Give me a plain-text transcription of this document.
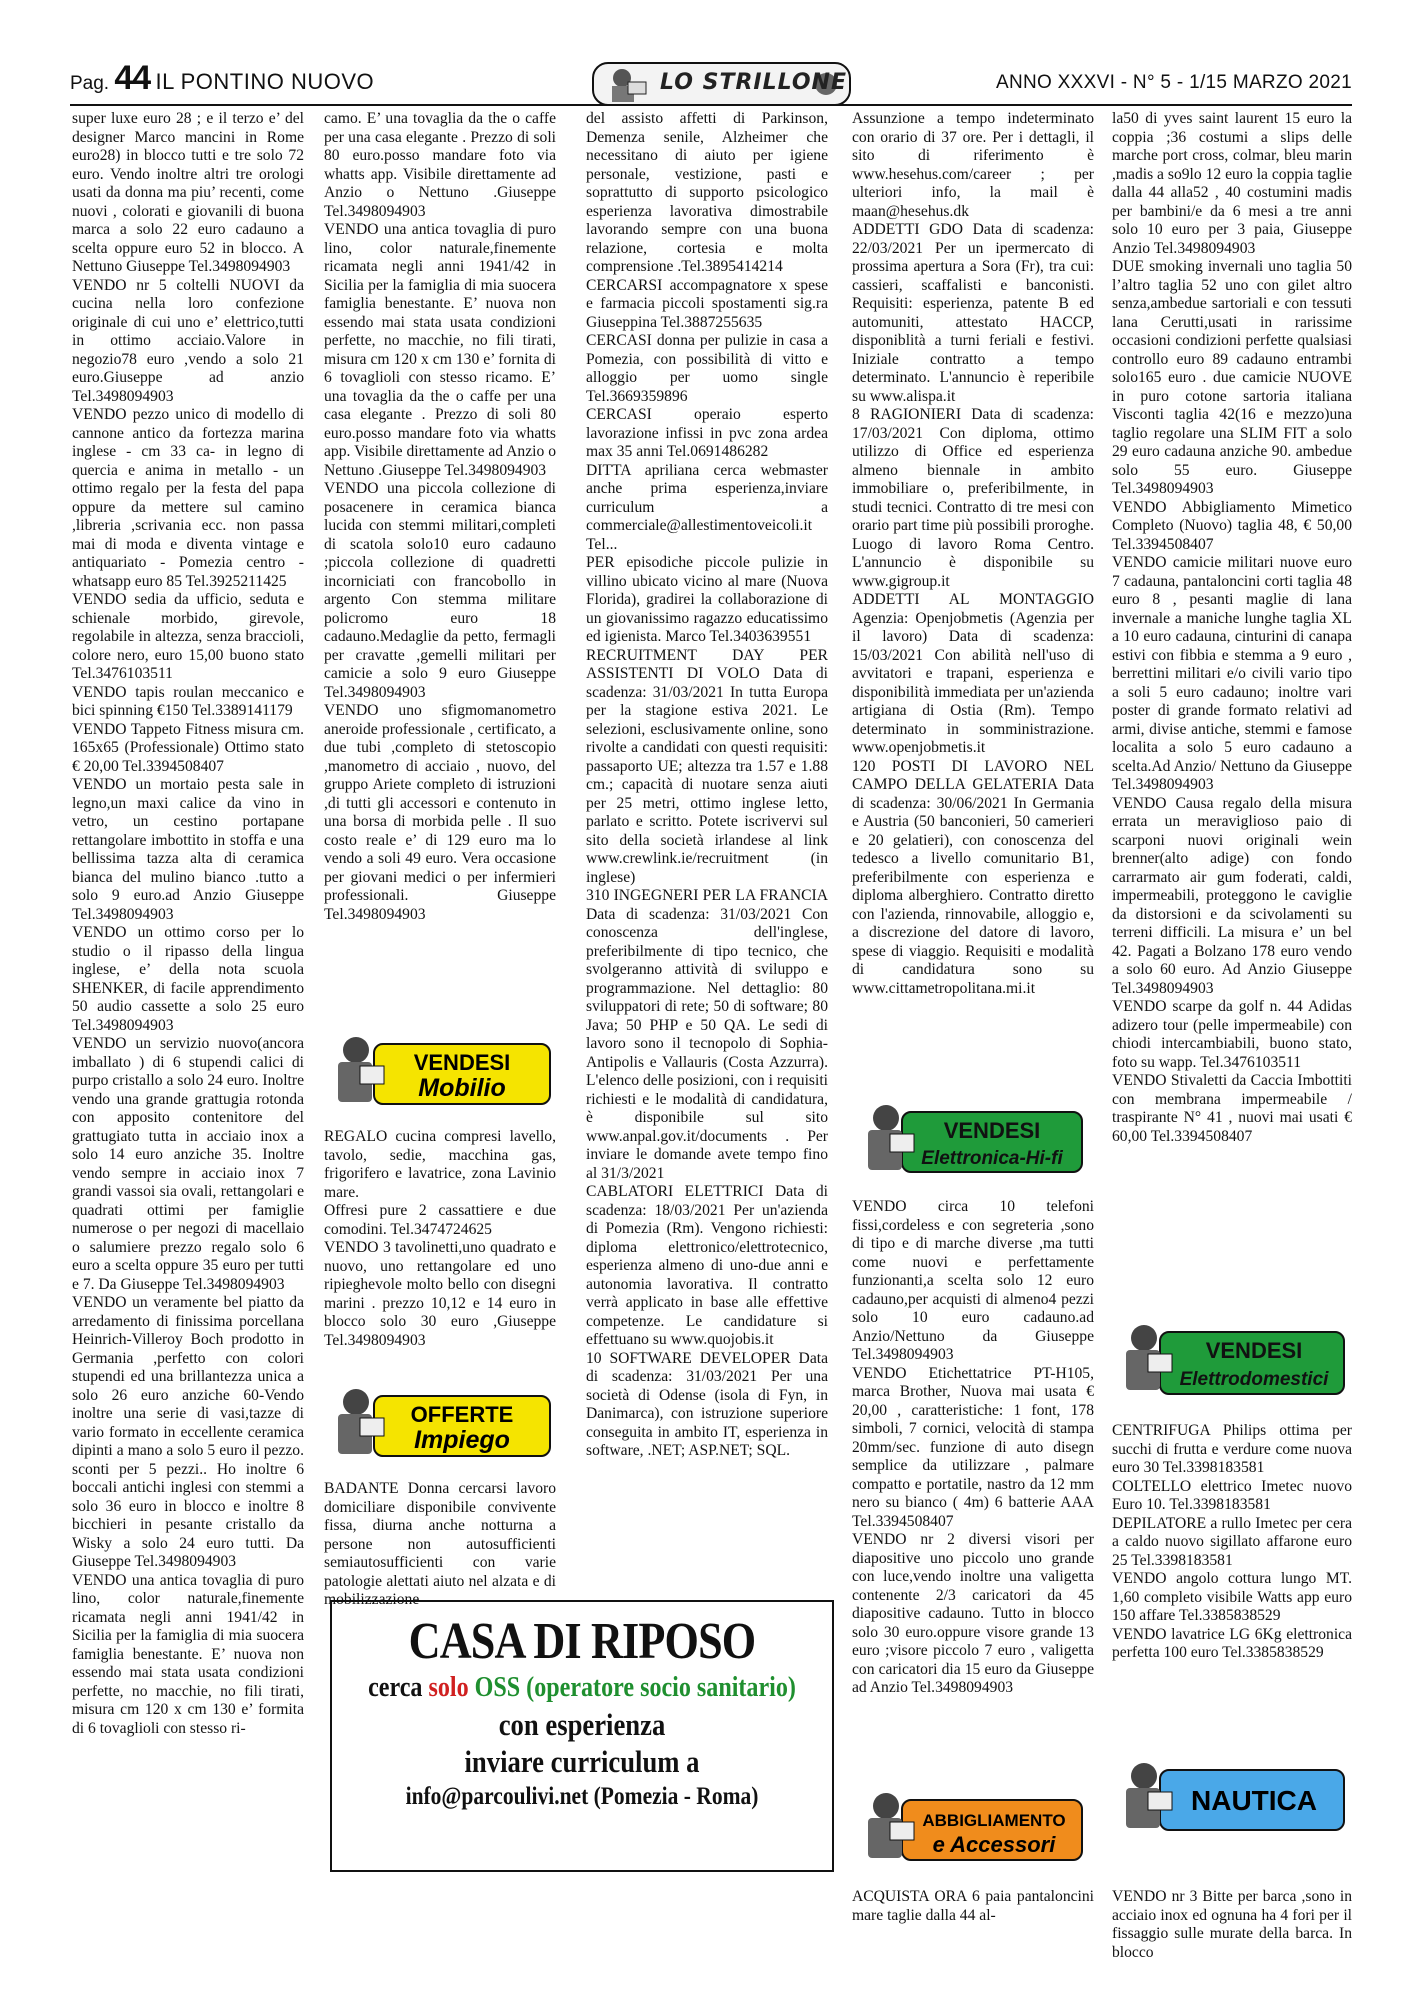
Pag. 44 IL PONTINO NUOVO	LO STRILLONE	ANNO XXXVI - N° 5 - 1/15 MARZO 2021

super luxe euro 28 ; e il terzo e’ del designer Marco mancini in Rome euro28) in blocco tutti e tre solo 72 euro. Vendo inoltre altri tre orologi usati da donna ma piu’ recenti, come nuovi , colorati e giovanili di buona marca a solo 22 euro cadauno a scelta oppure euro 52 in blocco. A Nettuno Giuseppe Tel.3498094903

VENDO nr 5 coltelli NUOVI da cucina nella loro confezione originale di cui uno e’ elettrico,tutti in ottimo acciaio.Valore in negozio78 euro ,vendo a solo 21 euro.Giuseppe ad anzio Tel.3498094903

VENDO pezzo unico di modello di cannone antico da fortezza marina inglese - cm 33 ca- in legno di quercia e anima in metallo - un ottimo regalo per la festa del papa oppure da mettere sul camino ,libreria ,scrivania ecc. non passa mai di moda e diventa vintage e antiquariato - Pomezia centro - whatsapp euro 85 Tel.3925211425

VENDO sedia da ufficio, seduta e schienale morbido, girevole, regolabile in altezza, senza braccioli, colore nero, euro 15,00 buono stato Tel.3476103511

VENDO tapis roulan meccanico e bici spinning €150 Tel.3389141179

VENDO Tappeto Fitness misura cm. 165x65 (Professionale) Ottimo stato € 20,00 Tel.3394508407

VENDO un mortaio pesta sale in legno,un maxi calice da vino in vetro, un cestino portapane rettangolare imbottito in stoffa e una bellissima tazza alta di ceramica bianca del mulino bianco .tutto a solo 9 euro.ad Anzio Giuseppe Tel.3498094903

VENDO un ottimo corso per lo studio o il ripasso della lingua inglese, e’ della nota scuola SHENKER, di facile apprendimento 50 audio cassette a solo 25 euro Tel.3498094903

VENDO un servizio nuovo(ancora imballato ) di 6 stupendi calici di purpo cristallo a solo 24 euro. Inoltre vendo una grande grattugia rotonda con apposito contenitore del grattugiato tutta in acciaio inox a solo 14 euro anziche 35. Inoltre vendo sempre in acciaio inox 7 grandi vassoi sia ovali, rettangolari e quadrati ottimi per famiglie numerose o per negozi di macellaio o salumiere prezzo regalo solo 6 euro a scelta oppure 35 euro per tutti e 7. Da Giuseppe Tel.3498094903

VENDO un veramente bel piatto da arredamento di finissima porcellana Heinrich-Villeroy Boch prodotto in Germania ,perfetto con colori stupendi ed una brillantezza unica a solo 26 euro anziche 60-Vendo inoltre una serie di vasi,tazze di vario formato in eccellente ceramica dipinti a mano a solo 5 euro il pezzo. sconti per 5 pezzi.. Ho inoltre 6 boccali antichi inglesi con stemmi a solo 36 euro in blocco e inoltre 8 bicchieri in pesante cristallo da Wisky a solo 24 euro tutti. Da Giuseppe Tel.3498094903

VENDO una antica tovaglia di puro lino, color naturale,finemente ricamata negli anni 1941/42 in Sicilia per la famiglia di mia suocera famiglia benestante. E’ nuova non essendo mai stata usata condizioni perfette, no macchie, no fili tirati, misura cm 120 x cm 130 e’ formita di 6 tovaglioli con stesso ri-

camo. E’ una tovaglia da the o caffe per una casa elegante . Prezzo di soli 80 euro.posso mandare foto via whatts app. Visibile direttamente ad Anzio o Nettuno .Giuseppe Tel.3498094903

VENDO una antica tovaglia di puro lino, color naturale,finemente ricamata negli anni 1941/42 in Sicilia per la famiglia di mia suocera famiglia benestante. E’ nuova non essendo mai stata usata condizioni perfette, no macchie, no fili tirati, misura cm 120 x cm 130 e’ fornita di 6 tovaglioli con stesso ricamo. E’ una tovaglia da the o caffe per una casa elegante . Prezzo di soli 80 euro.posso mandare foto via whatts app. Visibile direttamente ad Anzio o Nettuno .Giuseppe Tel.3498094903

VENDO una piccola collezione di posacenere in ceramica bianca lucida con stemmi militari,completi di scatola solo10 euro cadauno ;piccola collezione di quadretti incorniciati con francobollo in argento Con stemma militare policromo euro 18 cadauno.Medaglie da petto, fermagli per cravatte ,gemelli militari per camicie a solo 9 euro Giuseppe Tel.3498094903

VENDO uno sfigmomanometro aneroide professionale , certificato, a due tubi ,completo di stetoscopio ,manometro di acciaio , nuovo, del gruppo Ariete completo di istruzioni ,di tutti gli accessori e contenuto in una borsa di morbida pelle . Il suo costo reale e’ di 129 euro ma lo vendo a soli 49 euro. Vera occasione per giovani medici o per infermieri professionali. Giuseppe Tel.3498094903

REGALO cucina compresi lavello, tavolo, sedie, macchina gas, frigorifero e lavatrice, zona Lavinio mare.

Offresi pure 2 cassattiere e due comodini. Tel.3474724625

VENDO 3 tavolinetti,uno quadrato e nuovo, uno rettangolare ed uno ripieghevole molto bello con disegni marini . prezzo 10,12 e 14 euro in blocco solo 30 euro ,Giuseppe Tel.3498094903

BADANTE Donna cercarsi lavoro domiciliare disponibile convivente fissa, diurna anche notturna a persone non autosufficienti semiautosufficienti con varie patologie alettati aiuto nel alzata e di mobilizzazione

del assisto affetti di Parkinson, Demenza senile, Alzheimer che necessitano di aiuto per igiene personale, vestizione, pasti e soprattutto di supporto psicologico esperienza lavorativa dimostrabile lavorando sempre con una buona relazione, cortesia e molta comprensione .Tel.3895414214

CERCARSI accompagnatore x spese e farmacia piccoli spostamenti sig.ra Giuseppina Tel.3887255635

CERCASI donna per pulizie in casa a Pomezia, con possibilità di vitto e alloggio per uomo single Tel.3669359896

CERCASI operaio esperto lavorazione infissi in pvc zona ardea max 35 anni Tel.0691486282

DITTA apriliana cerca webmaster anche prima esperienza,inviare curriculum a commerciale@allestimentoveicoli.it Tel...

PER episodiche piccole pulizie in villino ubicato vicino al mare (Nuova Florida), gradirei la collaborazione di un giovanissimo ragazzo educatissimo ed igienista. Marco Tel.3403639551

RECRUITMENT DAY PER ASSISTENTI DI VOLO Data di scadenza: 31/03/2021 In tutta Europa per la stagione estiva 2021. Le selezioni, esclusivamente online, sono rivolte a candidati con questi requisiti: passaporto UE; altezza tra 1.57 e 1.88 cm.; capacità di nuotare senza aiuti per 25 metri, ottimo inglese letto, parlato e scritto. Potete iscrivervi sul sito della società irlandese al link www.crewlink.ie/recruitment (in inglese)

310 INGEGNERI PER LA FRANCIA Data di scadenza: 31/03/2021 Con conoscenza dell'inglese, preferibilmente di tipo tecnico, che svolgeranno attività di sviluppo e programmazione. Nel dettaglio: 80 sviluppatori di rete; 50 di software; 80 Java; 50 PHP e 50 QA. Le sedi di lavoro sono il tecnopolo di Sophia-Antipolis e Vallauris (Costa Azzurra). L'elenco delle posizioni, con i requisiti richiesti e le modalità di candidatura, è disponibile sul sito www.anpal.gov.it/documents . Per inviare le domande avete tempo fino al 31/3/2021

CABLATORI ELETTRICI Data di scadenza: 18/03/2021 Per un'azienda di Pomezia (Rm). Vengono richiesti: diploma elettronico/elettrotecnico, esperienza almeno di uno-due anni e autonomia lavorativa. Il contratto verrà applicato in base alle effettive competenze. Le candidature si effettuano su www.quojobis.it

10 SOFTWARE DEVELOPER Data di scadenza: 31/03/2021 Per una società di Odense (isola di Fyn, in Danimarca), con istruzione superiore conseguita in ambito IT, esperienza in software, .NET; ASP.NET; SQL.

Assunzione a tempo indeterminato con orario di 37 ore. Per i dettagli, il sito di riferimento è www.hesehus.com/career ; per ulteriori info, la mail è maan@hesehus.dk

ADDETTI GDO Data di scadenza: 22/03/2021 Per un ipermercato di prossima apertura a Sora (Fr), tra cui: cassieri, scaffalisti e banconisti. Requisiti: esperienza, patente B ed automuniti, attestato HACCP, disponiblità a turni feriali e festivi. Iniziale contratto a tempo determinato. L'annuncio è reperibile su www.alispa.it

8 RAGIONIERI Data di scadenza: 17/03/2021 Con diploma, ottimo utilizzo di Office ed esperienza almeno biennale in ambito immobiliare o, preferibilmente, in studi tecnici. Contratto di tre mesi con orario part time più possibili proroghe. Luogo di lavoro Roma Centro. L'annuncio è disponibile su www.gigroup.it

ADDETTI AL MONTAGGIO Agenzia: Openjobmetis (Agenzia per il lavoro) Data di scadenza: 15/03/2021 Con abilità nell'uso di avvitatori e trapani, esperienza e disponibilità immediata per un'azienda artigiana di Ostia (Rm). Tempo determinato in somministrazione. www.openjobmetis.it

120 POSTI DI LAVORO NEL CAMPO DELLA GELATERIA Data di scadenza: 30/06/2021 In Germania e Austria (50 banconieri, 50 camerieri e 20 gelatieri), con conoscenza del tedesco a livello comunitario B1, preferibilmente con esperienza e diploma alberghiero. Contratto diretto con l'azienda, rinnovabile, alloggio e, a discrezione del datore di lavoro, spese di viaggio. Requisiti e modalità di candidatura sono su www.cittametropolitana.mi.it

VENDO circa 10 telefoni fissi,cordeless e con segreteria ,sono di tipo e di marche diverse ,ma tutti come nuovi e perfettamente funzionanti,a scelta solo 12 euro cadauno,per acquisti di almeno4 pezzi solo 10 euro cadauno.ad Anzio/Nettuno da Giuseppe Tel.3498094903

VENDO Etichettatrice PT-H105, marca Brother, Nuova mai usata € 20,00 , caratteristiche: 1 font, 178 simboli, 7 cornici, velocità di stampa 20mm/sec. funzione di auto disegn semplice da utilizzare , palmare compatto e portatile, nastro da 12 mm nero su bianco ( 4m) 6 batterie AAA Tel.3394508407

VENDO nr 2 diversi visori per diapositive uno piccolo uno grande con luce,vendo inoltre una valigetta contenente 2/3 caricatori da 45 diapositive cadauno. Tutto in blocco solo 30 euro.oppure visore grande 13 euro ;visore piccolo 7 euro , valigetta con caricatori dia 15 euro da Giuseppe ad Anzio Tel.3498094903

ACQUISTA ORA 6 paia pantaloncini mare taglie dalla 44 al-

la50 di yves saint laurent 15 euro la coppia ;36 costumi a slips delle marche port cross, colmar, bleu marin ,madis a so9lo 12 euro la coppia taglie dalla 44 alla52 , 40 costumini madis per bambini/e da 6 mesi a tre anni solo 10 euro per 3 paia, Giuseppe Anzio Tel.3498094903

DUE smoking invernali uno taglia 50 l’altro taglia 52 uno con gilet altro senza,ambedue sartoriali e con tessuti lana Cerutti,usati in rarissime occasioni condizioni perfette qualsiasi controllo euro 89 cadauno entrambi solo165 euro . due camicie NUOVE in puro cotone sartoria italiana Visconti taglia 42(16 e mezzo)una taglio regolare una SLIM FIT a solo 29 euro cadauna anziche 90. ambedue solo 55 euro. Giuseppe Tel.3498094903

VENDO Abbigliamento Mimetico Completo (Nuovo) taglia 48, € 50,00 Tel.3394508407

VENDO camicie militari nuove euro 7 cadauna, pantaloncini corti taglia 48 euro 8 , pesanti maglie di lana invernale a maniche lunghe taglia XL a 10 euro cadauna, cinturini di canapa estivi con fibbia e stemma a 9 euro , berrettini militari e/o civili vario tipo a soli 5 euro cadauno; inoltre vari poster di grande formato relativi ad armi, divise antiche, stemmi e famose localita a solo 5 euro cadauno a scelta.Ad Anzio/ Nettuno da Giuseppe Tel.3498094903

VENDO Causa regalo della misura errata un meraviglioso paio di scarponi nuovi originali wein brenner(alto adige) con fondo carrarmato air gum foderati, caldi, impermeabili, proteggono le caviglie da distorsioni e da scivolamenti su terreni difficili. La misura e’ un bel 42. Pagati a Bolzano 178 euro vendo a solo 60 euro. Ad Anzio Giuseppe Tel.3498094903

VENDO scarpe da golf n. 44 Adidas adizero tour (pelle impermeabile) con chiodi intercambiabili, buono stato, foto su wapp. Tel.3476103511

VENDO Stivaletti da Caccia Imbottiti con membrana impermeabile / traspirante N° 41 , nuovi mai usati € 60,00 Tel.3394508407

CENTRIFUGA Philips ottima per succhi di frutta e verdure come nuova euro 30 Tel.3398183581

COLTELLO elettrico Imetec nuovo Euro 10. Tel.3398183581

DEPILATORE a rullo Imetec per cera a caldo nuovo sigillato affarone euro 25 Tel.3398183581

VENDO angolo cottura lungo MT. 1,60 completo visibile Watts app euro 150 affare Tel.3385838529

VENDO lavatrice LG 6Kg elettronica perfetta 100 euro Tel.3385838529

VENDO nr 3 Bitte per barca ,sono in acciaio inox ed ognuna ha 4 fori per il fissaggio sulle murate della barca. In blocco

VENDESI
Mobilio
OFFERTE
Impiego
VENDESI
Elettronica-Hi-fi
ABBIGLIAMENTO
e Accessori
VENDESI
Elettrodomestici
NAUTICA
CASA DI RIPOSO
cerca solo OSS (operatore socio sanitario)
con esperienza
inviare curriculum a
info@parcoulivi.net (Pomezia - Roma)
